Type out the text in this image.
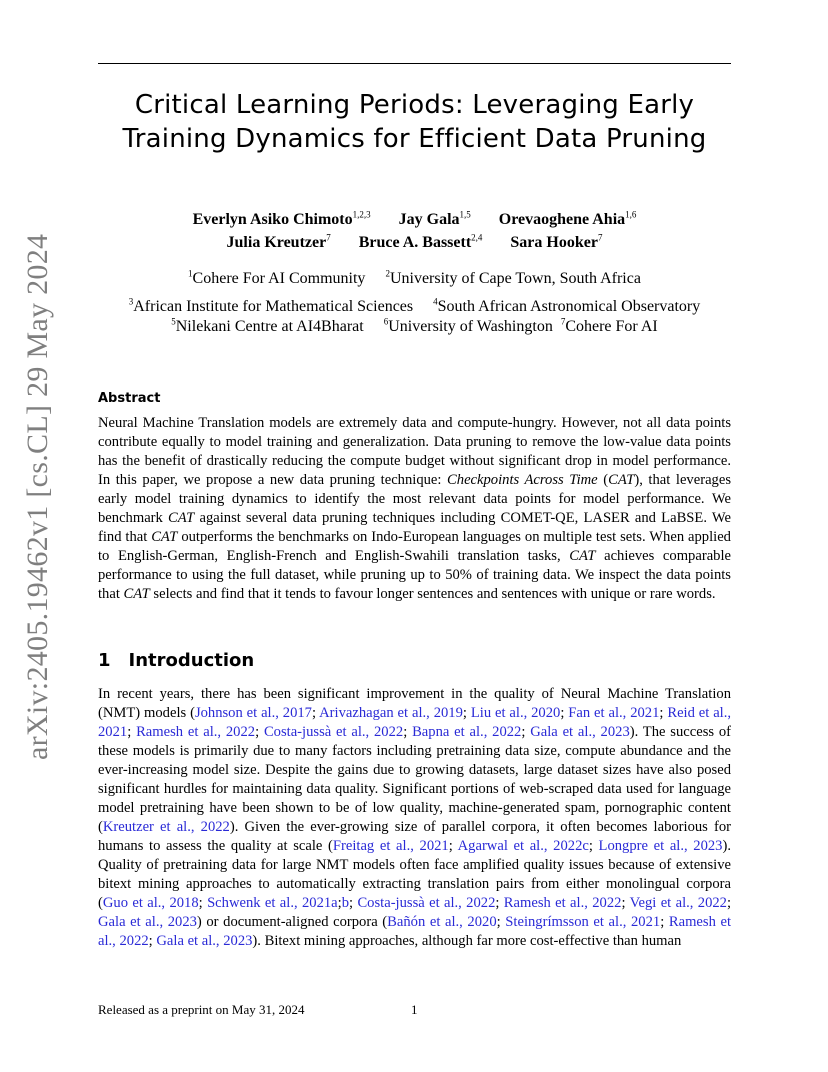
arXiv:2405.19462v1 [cs.CL] 29 May 2024
Critical Learning Periods: Leveraging Early
Training Dynamics for Efficient Data Pruning
Everlyn Asiko Chimoto$^{1,2,3}$ Jay Gala$^{1,5}$ Orevaoghene Ahia$^{1,6}$
Julia Kreutzer$^7$ Bruce A. Bassett$^{2,4}$ Sara Hooker$^7$
$^1$Cohere For AI Community $^2$University of Cape Town, South Africa
$^3$African Institute for Mathematical Sciences $^4$South African Astronomical Observatory
$^5$Nilekani Centre at AI4Bharat $^6$University of Washington $^7$Cohere For AI
Abstract
Neural Machine Translation models are extremely data and compute-hungry. However, not all data points contribute equally to model training and generalization. Data pruning to remove the low-value data points has the benefit of drastically reducing the compute budget without significant drop in model performance. In this paper, we propose a new data pruning technique: Checkpoints Across Time (CAT), that leverages early model training dynamics to identify the most relevant data points for model performance. We benchmark CAT against several data pruning techniques including COMET-QE, LASER and LaBSE. We find that CAT outperforms the benchmarks on Indo-European languages on multiple test sets. When applied to English-German, English-French and English-Swahili translation tasks, CAT achieves comparable performance to using the full dataset, while pruning up to 50% of training data. We inspect the data points that CAT selects and find that it tends to favour longer sentences and sentences with unique or rare words.
1 Introduction
In recent years, there has been significant improvement in the quality of Neural Machine Translation (NMT) models (Johnson et al., 2017; Arivazhagan et al., 2019; Liu et al., 2020; Fan et al., 2021; Reid et al., 2021; Ramesh et al., 2022; Costa-jussà et al., 2022; Bapna et al., 2022; Gala et al., 2023). The success of these models is primarily due to many factors including pretraining data size, compute abundance and the ever-increasing model size. Despite the gains due to growing datasets, large dataset sizes have also posed significant hurdles for maintaining data quality. Significant portions of web-scraped data used for language model pretraining have been shown to be of low quality, machine-generated spam, pornographic content (Kreutzer et al., 2022). Given the ever-growing size of parallel corpora, it often becomes laborious for humans to assess the quality at scale (Freitag et al., 2021; Agarwal et al., 2022c; Longpre et al., 2023). Quality of pretraining data for large NMT models often face amplified quality issues because of extensive bitext mining approaches to automatically extracting translation pairs from either monolingual corpora (Guo et al., 2018; Schwenk et al., 2021a;b; Costa-jussà et al., 2022; Ramesh et al., 2022; Vegi et al., 2022; Gala et al., 2023) or document-aligned corpora (Bañón et al., 2020; Steingrímsson et al., 2021; Ramesh et al., 2022; Gala et al., 2023). Bitext mining approaches, although far more cost-effective than human
Released as a preprint on May 31, 2024	1
